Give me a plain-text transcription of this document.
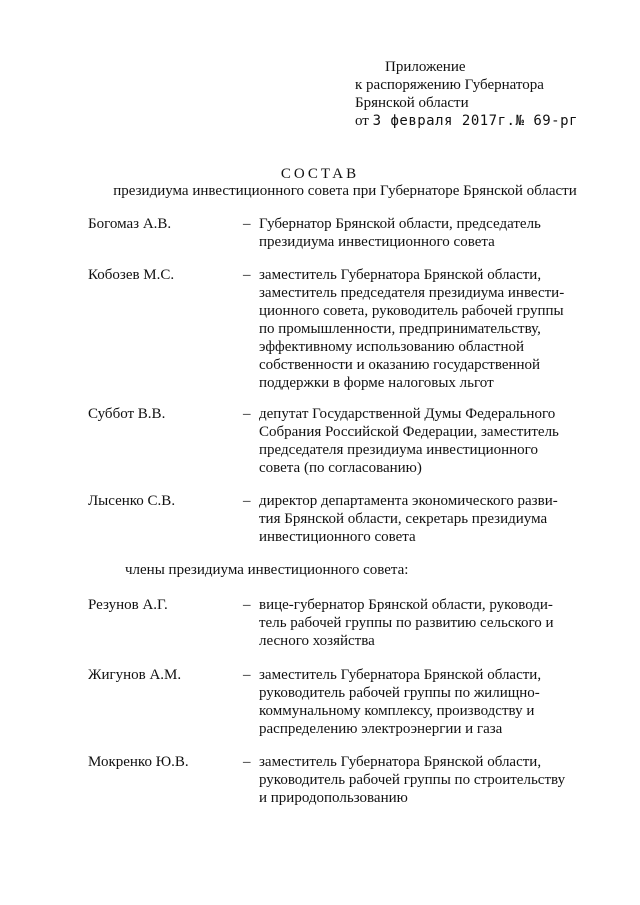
Приложение
к распоряжению Губернатора
Брянской области
от 3 февраля 2017г.№ 69-рг
СОСТАВ
президиума инвестиционного совета при Губернаторе Брянской области
Богомаз А.В.	– Губернатор Брянской области, председатель
президиума инвестиционного совета
Кобозев М.С.	– заместитель Губернатора Брянской области,
заместитель председателя президиума инвести-
ционного совета, руководитель рабочей группы
по промышленности, предпринимательству,
эффективному использованию областной
собственности и оказанию государственной
поддержки в форме налоговых льгот
Суббот В.В.	– депутат Государственной Думы Федерального
Собрания Российской Федерации, заместитель
председателя президиума инвестиционного
совета (по согласованию)
Лысенко С.В.	– директор департамента экономического разви-
тия Брянской области, секретарь президиума
инвестиционного совета
члены президиума инвестиционного совета:
Резунов А.Г.	– вице-губернатор Брянской области, руководи-
тель рабочей группы по развитию сельского и
лесного хозяйства
Жигунов А.М.	– заместитель Губернатора Брянской области,
руководитель рабочей группы по жилищно-
коммунальному комплексу, производству и
распределению электроэнергии и газа
Мокренко Ю.В.	– заместитель Губернатора Брянской области,
руководитель рабочей группы по строительству
и природопользованию
